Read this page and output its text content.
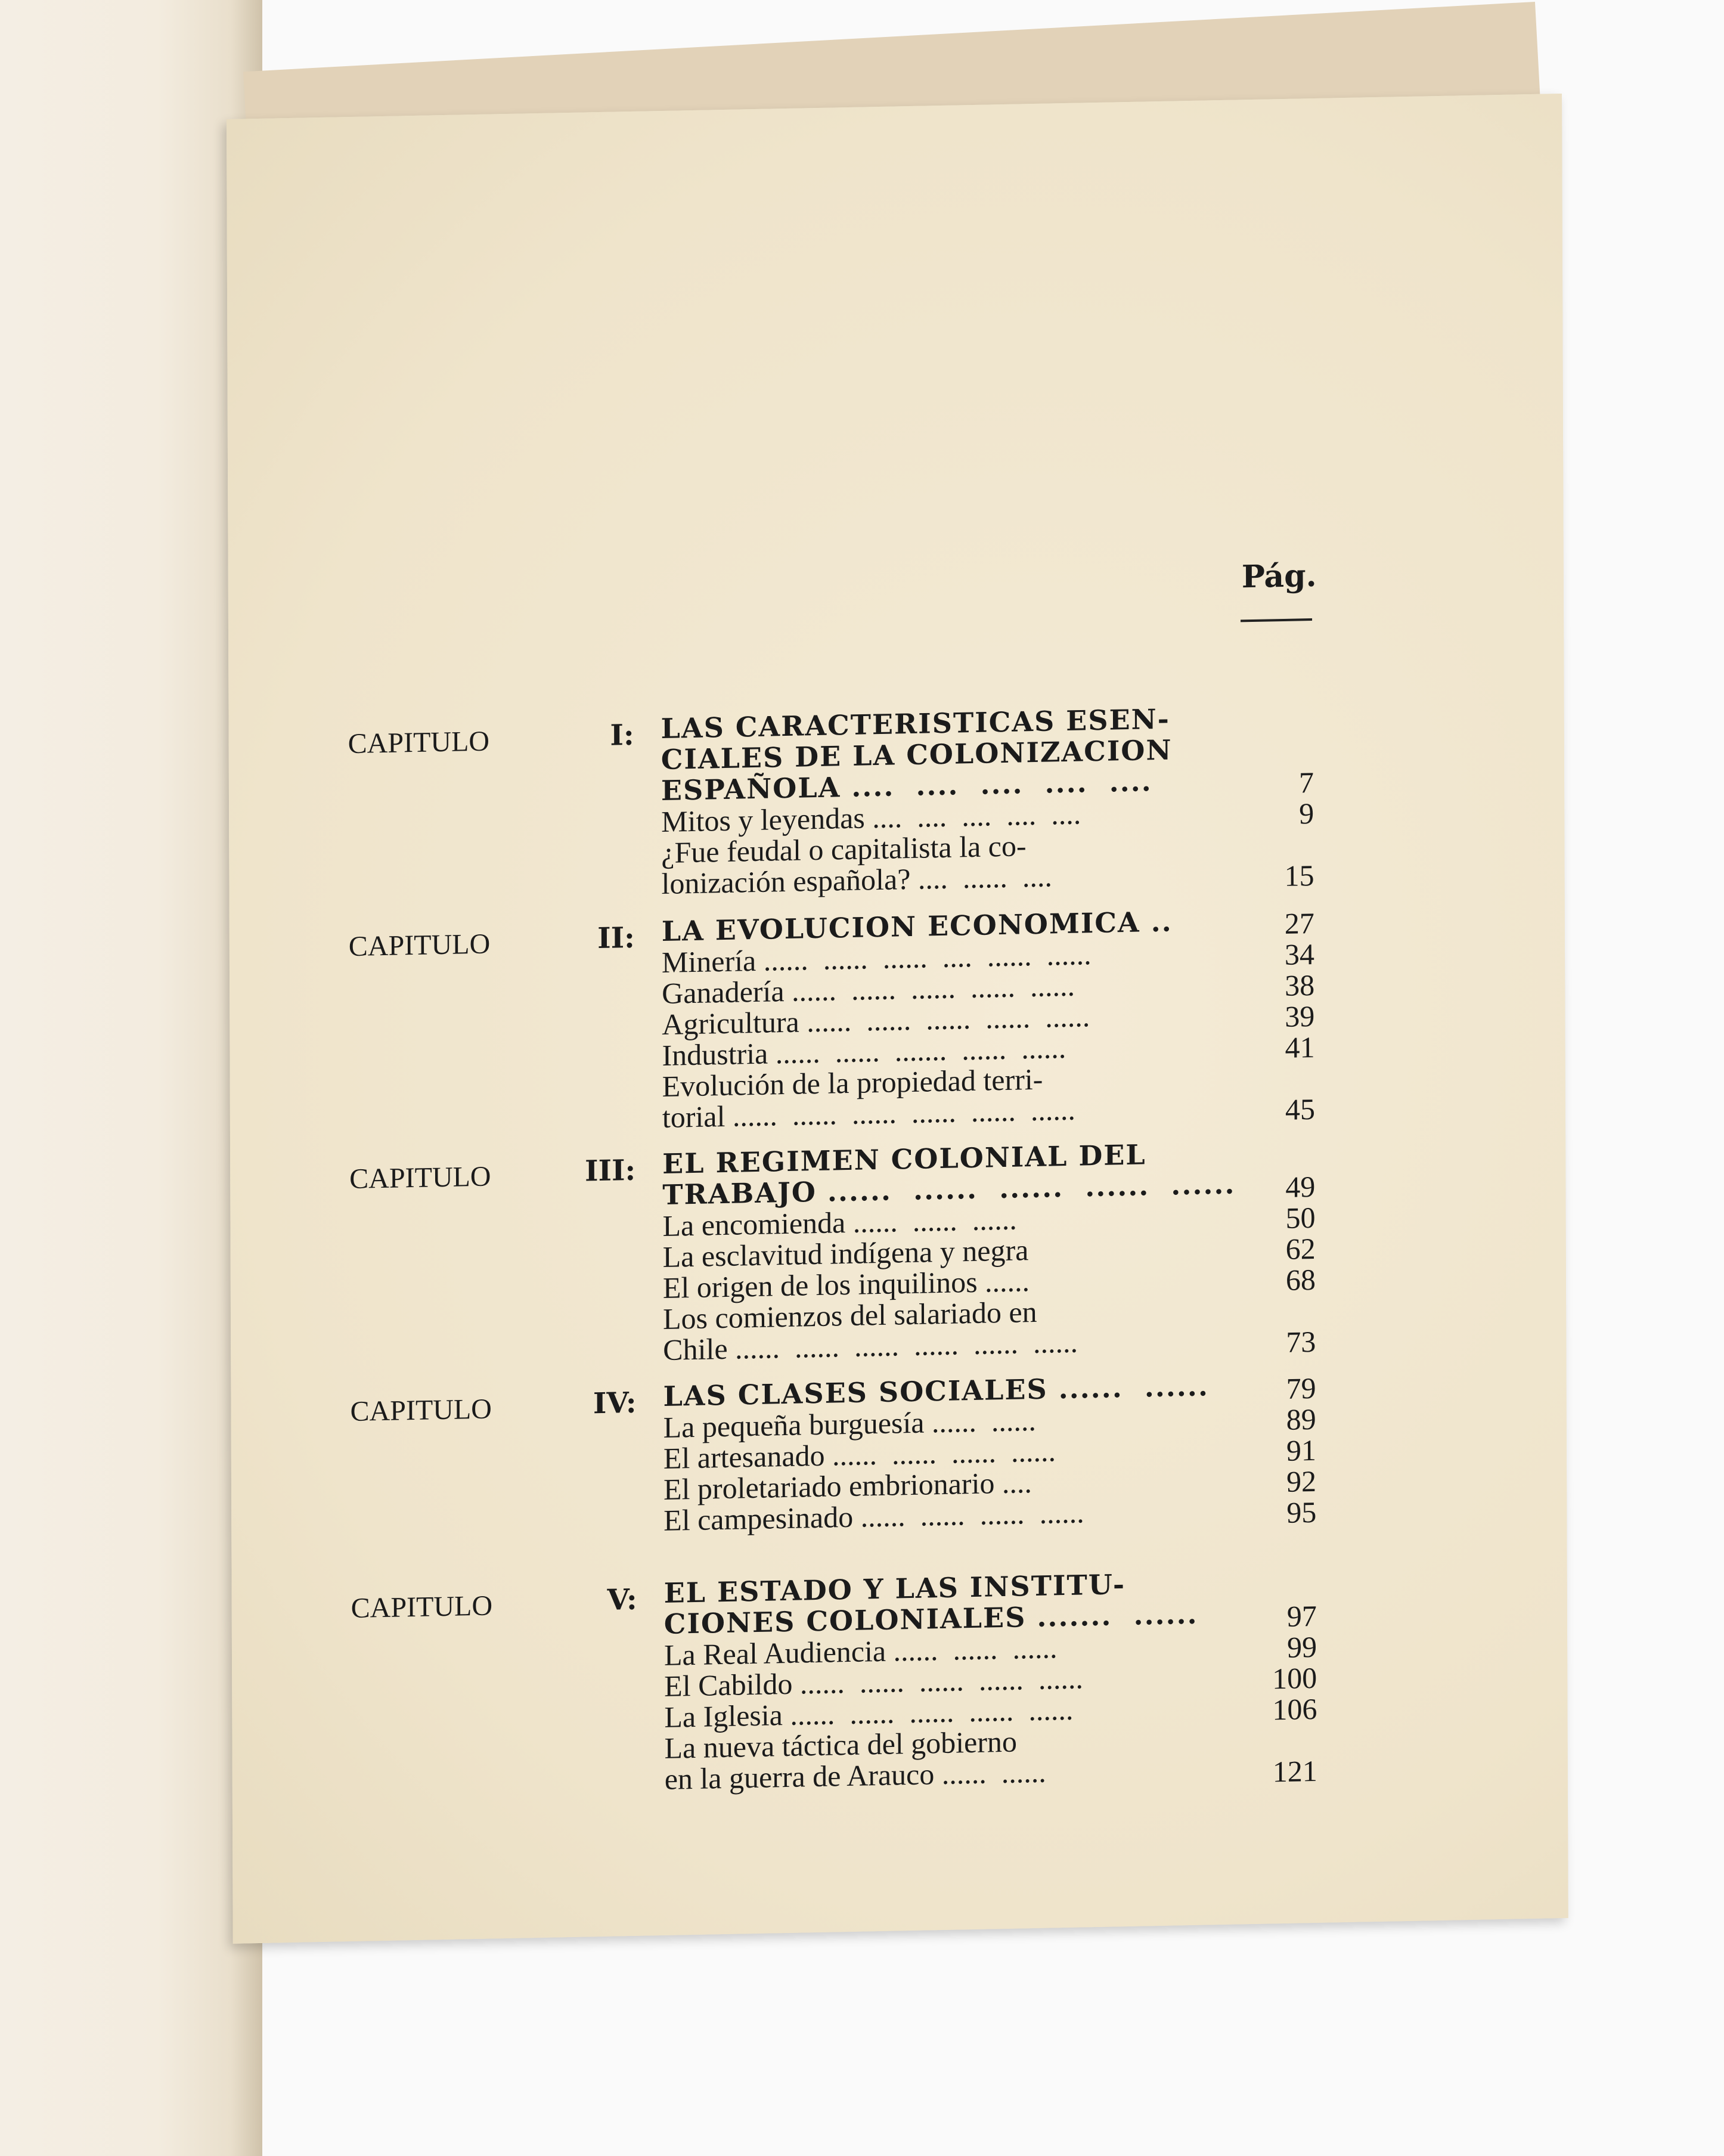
Pág.
CAPITULO	I: LAS CARACTERISTICAS ESEN-
CIALES DE LA COLONIZACION
ESPAÑOLA ....  ....  ....  ....  ....	7
Mitos y leyendas ....  ....  ....  ....  ....	9
¿Fue feudal o capitalista la co-
lonización española? ....  ......  ....	15
CAPITULO	II: LA EVOLUCION ECONOMICA ..	27
Minería ......  ......  ......  ....  ......  ......	34
Ganadería ......  ......  ......  ......  ......	38
Agricultura ......  ......  ......  ......  ......	39
Industria ......  ......  .......  ......  ......	41
Evolución de la propiedad terri-
torial ......  ......  ......  ......  ......  ......	45
CAPITULO	III: EL REGIMEN COLONIAL DEL
TRABAJO ......  ......  ......  ......  ......	49
La encomienda ......  ......  ......	50
La esclavitud indígena y negra	62
El origen de los inquilinos ......	68
Los comienzos del salariado en
Chile ......  ......  ......  ......  ......  ......	73
CAPITULO	IV: LAS CLASES SOCIALES ......  ......	79
La pequeña burguesía ......  ......	89
El artesanado ......  ......  ......  ......	91
El proletariado embrionario ....	92
El campesinado ......  ......  ......  ......	95
CAPITULO	V: EL ESTADO Y LAS INSTITU-
CIONES COLONIALES .......  ......	97
La Real Audiencia ......  ......  ......	99
El Cabildo ......  ......  ......  ......  ......	100
La Iglesia ......  ......  ......  ......  ......	106
La nueva táctica del gobierno
en la guerra de Arauco ......  ......	121
